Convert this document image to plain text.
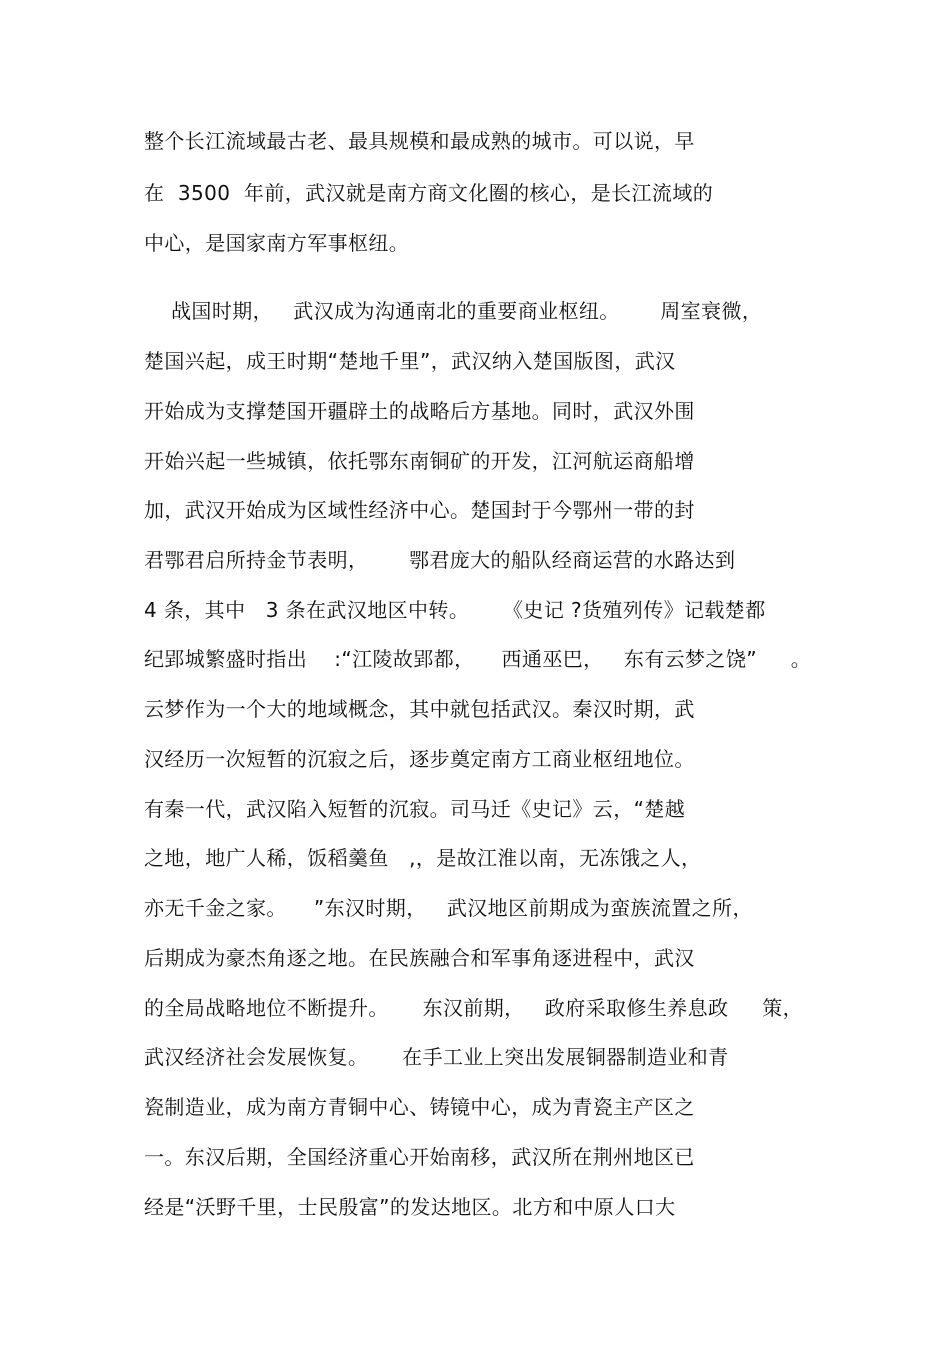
整个长江流域最古老、最具规模和最成熟的城市。可以说，早
在  3500  年前，武汉就是南方商文化圈的核心，是长江流域的
中心，是国家南方军事枢纽。
战国时期，   武汉成为沟通南北的重要商业枢纽。      周室衰微，
楚国兴起，成王时期“楚地千里”，武汉纳入楚国版图，武汉
开始成为支撑楚国开疆辟土的战略后方基地。同时，武汉外围
开始兴起一些城镇，依托鄂东南铜矿的开发，江河航运商船增
加，武汉开始成为区域性经济中心。楚国封于今鄂州一带的封
君鄂君启所持金节表明，      鄂君庞大的船队经商运营的水路达到
4 条，其中   3 条在武汉地区中转。     《史记 ?货殖列传》记载楚都
纪郢城繁盛时指出    :“江陵故郢都，    西通巫巴，   东有云梦之饶”     。
云梦作为一个大的地域概念，其中就包括武汉。秦汉时期，武
汉经历一次短暂的沉寂之后，逐步奠定南方工商业枢纽地位。
有秦一代，武汉陷入短暂的沉寂。司马迁《史记》云，“楚越
之地，地广人稀，饭稻羹鱼   ,，是故江淮以南，无冻饿之人，
亦无千金之家。    ”东汉时期，   武汉地区前期成为蛮族流置之所，
后期成为豪杰角逐之地。在民族融合和军事角逐进程中，武汉
的全局战略地位不断提升。     东汉前期，   政府采取修生养息政     策，
武汉经济社会发展恢复。     在手工业上突出发展铜器制造业和青
瓷制造业，成为南方青铜中心、铸镜中心，成为青瓷主产区之
一。东汉后期，全国经济重心开始南移，武汉所在荆州地区已
经是“沃野千里，士民殷富”的发达地区。北方和中原人口大
